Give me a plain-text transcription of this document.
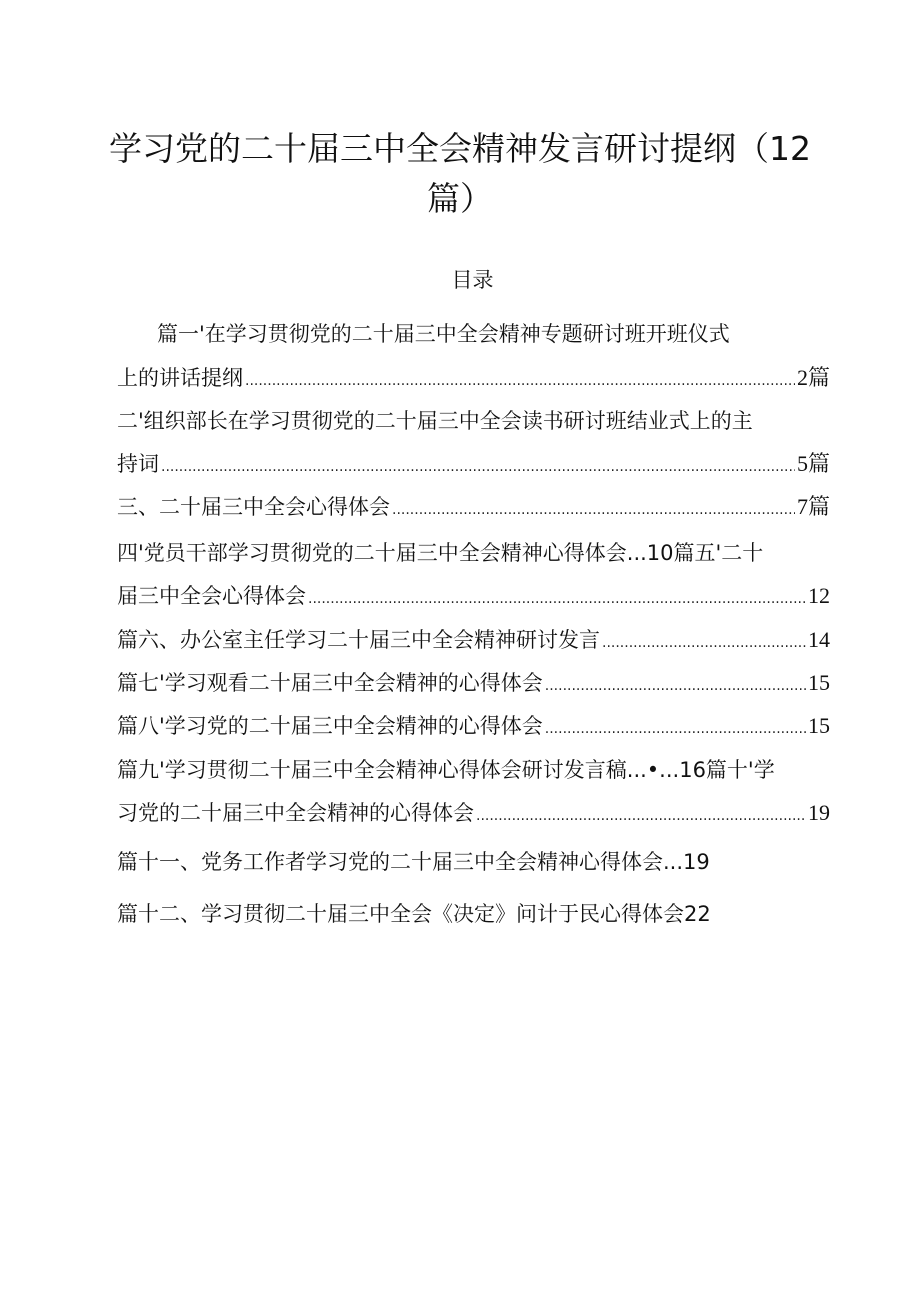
学习党的二十届三中全会精神发言研讨提纲（12
篇）
目录
篇一'在学习贯彻党的二十届三中全会精神专题研讨班开班仪式
上的讲话提纲 .....	2篇
二'组织部长在学习贯彻党的二十届三中全会读书研讨班结业式上的主
持词 .....	5篇
三、二十届三中全会心得体会 .....	7篇
四'党员干部学习贯彻党的二十届三中全会精神心得体会...10篇五'二十
届三中全会心得体会 .....	12
篇六、办公室主任学习二十届三中全会精神研讨发言 .....	14
篇七'学习观看二十届三中全会精神的心得体会 .....	15
篇八'学习党的二十届三中全会精神的心得体会 .....	15
篇九'学习贯彻二十届三中全会精神心得体会研讨发言稿...•...16篇十'学
习党的二十届三中全会精神的心得体会 .....	19
篇十一、党务工作者学习党的二十届三中全会精神心得体会...19
篇十二、学习贯彻二十届三中全会《决定》问计于民心得体会22
